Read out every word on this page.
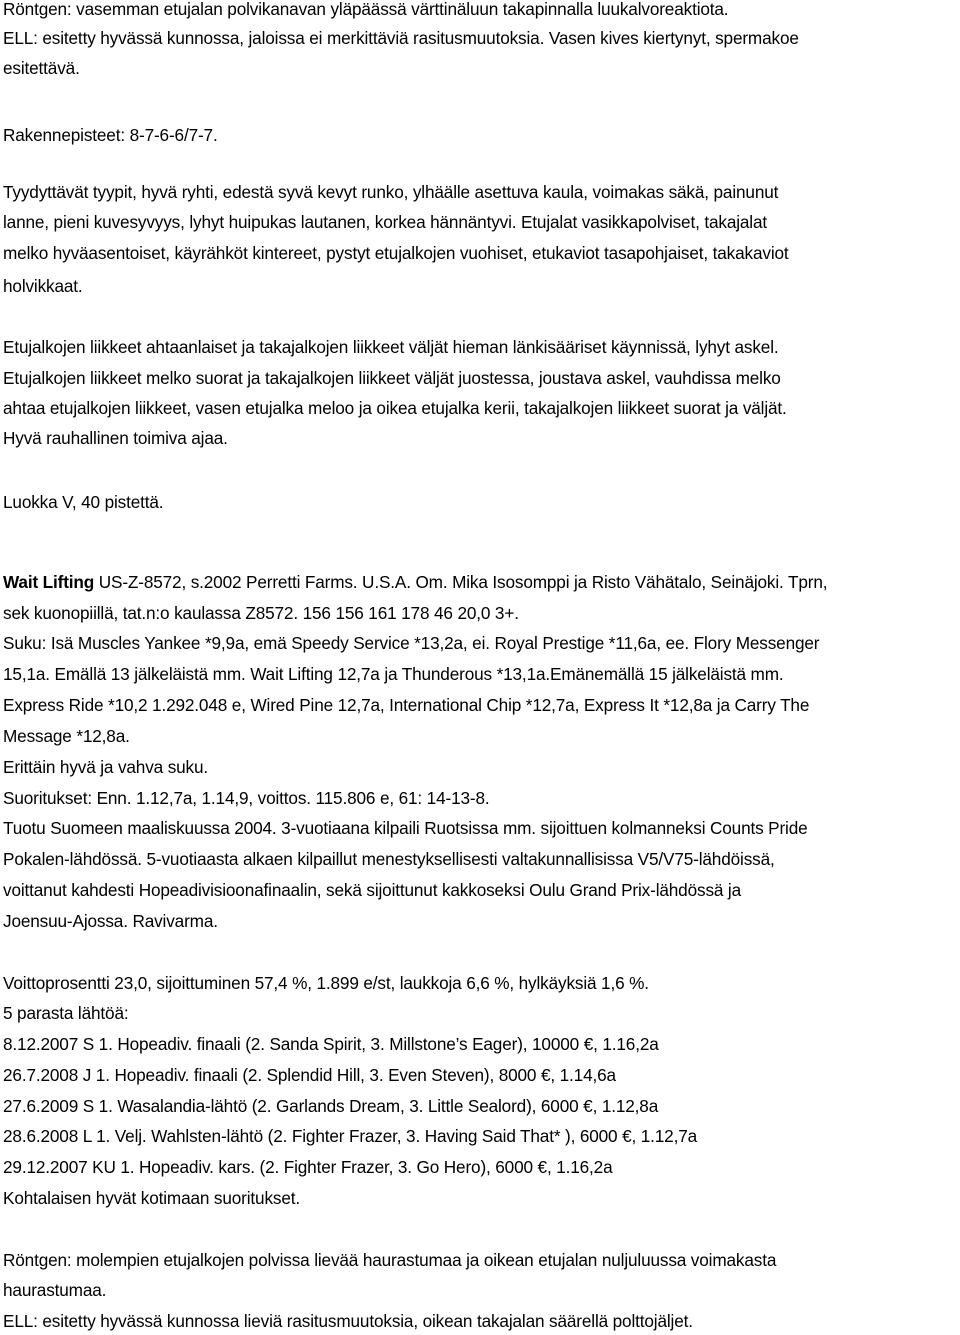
Röntgen: vasemman etujalan polvikanavan yläpäässä värttinäluun takapinnalla luukalvoreaktiota.
ELL: esitetty hyvässä kunnossa, jaloissa ei merkittäviä rasitusmuutoksia. Vasen kives kiertynyt, spermakoe
esitettävä.
Rakennepisteet: 8-7-6-6/7-7.
Tyydyttävät tyypit, hyvä ryhti, edestä syvä kevyt runko, ylhäälle asettuva kaula, voimakas säkä, painunut
lanne, pieni kuvesyvyys, lyhyt huipukas lautanen, korkea hännäntyvi. Etujalat vasikkapolviset, takajalat
melko hyväasentoiset, käyrähköt kintereet, pystyt etujalkojen vuohiset, etukaviot tasapohjaiset, takakaviot
holvikkaat.
Etujalkojen liikkeet ahtaanlaiset ja takajalkojen liikkeet väljät hieman länkisääriset käynnissä, lyhyt askel.
Etujalkojen liikkeet melko suorat ja takajalkojen liikkeet väljät juostessa, joustava askel, vauhdissa melko
ahtaa etujalkojen liikkeet, vasen etujalka meloo ja oikea etujalka kerii, takajalkojen liikkeet suorat ja väljät.
Hyvä rauhallinen toimiva ajaa.
Luokka V, 40 pistettä.
Wait Lifting US-Z-8572, s.2002 Perretti Farms. U.S.A. Om. Mika Isosomppi ja Risto Vähätalo, Seinäjoki. Tprn,
sek kuonopiillä, tat.n:o kaulassa Z8572. 156 156 161 178 46 20,0 3+.
Suku: Isä Muscles Yankee *9,9a, emä Speedy Service *13,2a, ei. Royal Prestige *11,6a, ee. Flory Messenger
15,1a. Emällä 13 jälkeläistä mm. Wait Lifting 12,7a ja Thunderous *13,1a.Emänemällä 15 jälkeläistä mm.
Express Ride *10,2 1.292.048 e, Wired Pine 12,7a, International Chip *12,7a, Express It *12,8a ja Carry The
Message *12,8a.
Erittäin hyvä ja vahva suku.
Suoritukset: Enn. 1.12,7a, 1.14,9, voittos. 115.806 e, 61: 14-13-8.
Tuotu Suomeen maaliskuussa 2004. 3-vuotiaana kilpaili Ruotsissa mm. sijoittuen kolmanneksi Counts Pride
Pokalen-lähdössä. 5-vuotiaasta alkaen kilpaillut menestyksellisesti valtakunnallisissa V5/V75-lähdöissä,
voittanut kahdesti Hopeadivisioonafinaalin, sekä sijoittunut kakkoseksi Oulu Grand Prix-lähdössä ja
Joensuu-Ajossa. Ravivarma.
Voittoprosentti 23,0, sijoittuminen 57,4 %, 1.899 e/st, laukkoja 6,6 %, hylkäyksiä 1,6 %.
5 parasta lähtöä:
8.12.2007 S 1. Hopeadiv. finaali (2. Sanda Spirit, 3. Millstone’s Eager), 10000 €, 1.16,2a
26.7.2008 J 1. Hopeadiv. finaali (2. Splendid Hill, 3. Even Steven), 8000 €, 1.14,6a
27.6.2009 S 1. Wasalandia-lähtö (2. Garlands Dream, 3. Little Sealord), 6000 €, 1.12,8a
28.6.2008 L 1. Velj. Wahlsten-lähtö (2. Fighter Frazer, 3. Having Said That* ), 6000 €, 1.12,7a
29.12.2007 KU 1. Hopeadiv. kars. (2. Fighter Frazer, 3. Go Hero), 6000 €, 1.16,2a
Kohtalaisen hyvät kotimaan suoritukset.
Röntgen: molempien etujalkojen polvissa lievää haurastumaa ja oikean etujalan nuljuluussa voimakasta
haurastumaa.
ELL: esitetty hyvässä kunnossa lieviä rasitusmuutoksia, oikean takajalan säärellä polttojäljet.
